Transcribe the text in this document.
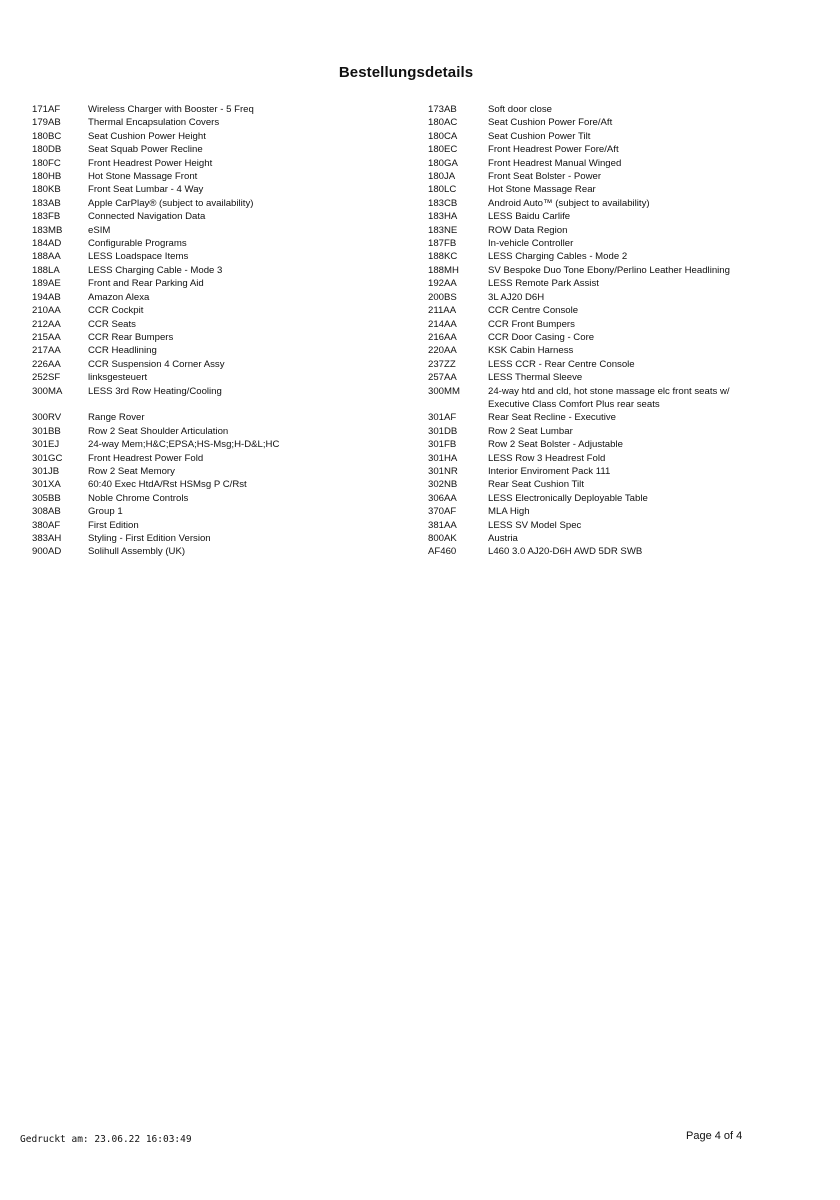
Bestellungsdetails
171AF	Wireless Charger with Booster - 5 Freq
179AB	Thermal Encapsulation Covers
180BC	Seat Cushion Power Height
180DB	Seat Squab Power Recline
180FC	Front Headrest Power Height
180HB	Hot Stone Massage Front
180KB	Front Seat Lumbar - 4 Way
183AB	Apple CarPlay® (subject to availability)
183FB	Connected Navigation Data
183MB	eSIM
184AD	Configurable Programs
188AA	LESS Loadspace Items
188LA	LESS Charging Cable - Mode 3
189AE	Front and Rear Parking Aid
194AB	Amazon Alexa
210AA	CCR Cockpit
212AA	CCR Seats
215AA	CCR Rear Bumpers
217AA	CCR Headlining
226AA	CCR Suspension 4 Corner Assy
252SF	linksgesteuert
300MA	LESS 3rd Row Heating/Cooling
300RV	Range Rover
301BB	Row 2 Seat Shoulder Articulation
301EJ	24-way Mem;H&C;EPSA;HS-Msg;H-D&L;HC
301GC	Front Headrest Power Fold
301JB	Row 2 Seat Memory
301XA	60:40 Exec HtdA/Rst HSMsg P C/Rst
305BB	Noble Chrome Controls
308AB	Group 1
380AF	First Edition
383AH	Styling - First Edition Version
900AD	Solihull Assembly (UK)
173AB	Soft door close
180AC	Seat Cushion Power Fore/Aft
180CA	Seat Cushion Power Tilt
180EC	Front Headrest Power Fore/Aft
180GA	Front Headrest Manual Winged
180JA	Front Seat Bolster - Power
180LC	Hot Stone Massage Rear
183CB	Android Auto™ (subject to availability)
183HA	LESS Baidu Carlife
183NE	ROW Data Region
187FB	In-vehicle Controller
188KC	LESS Charging Cables - Mode 2
188MH	SV Bespoke Duo Tone Ebony/Perlino Leather Headlining
192AA	LESS Remote Park Assist
200BS	3L AJ20 D6H
211AA	CCR Centre Console
214AA	CCR Front Bumpers
216AA	CCR Door Casing - Core
220AA	KSK Cabin Harness
237ZZ	LESS CCR - Rear Centre Console
257AA	LESS Thermal Sleeve
300MM	24-way htd and cld, hot stone massage elc front seats w/
Executive Class Comfort Plus rear seats
301AF	Rear Seat Recline - Executive
301DB	Row 2 Seat Lumbar
301FB	Row 2 Seat Bolster - Adjustable
301HA	LESS Row 3 Headrest Fold
301NR	Interior Enviroment Pack 111
302NB	Rear Seat Cushion Tilt
306AA	LESS Electronically Deployable Table
370AF	MLA High
381AA	LESS SV Model Spec
800AK	Austria
AF460	L460 3.0 AJ20-D6H AWD 5DR SWB
Gedruckt am: 23.06.22 16:03:49	Page 4 of 4
